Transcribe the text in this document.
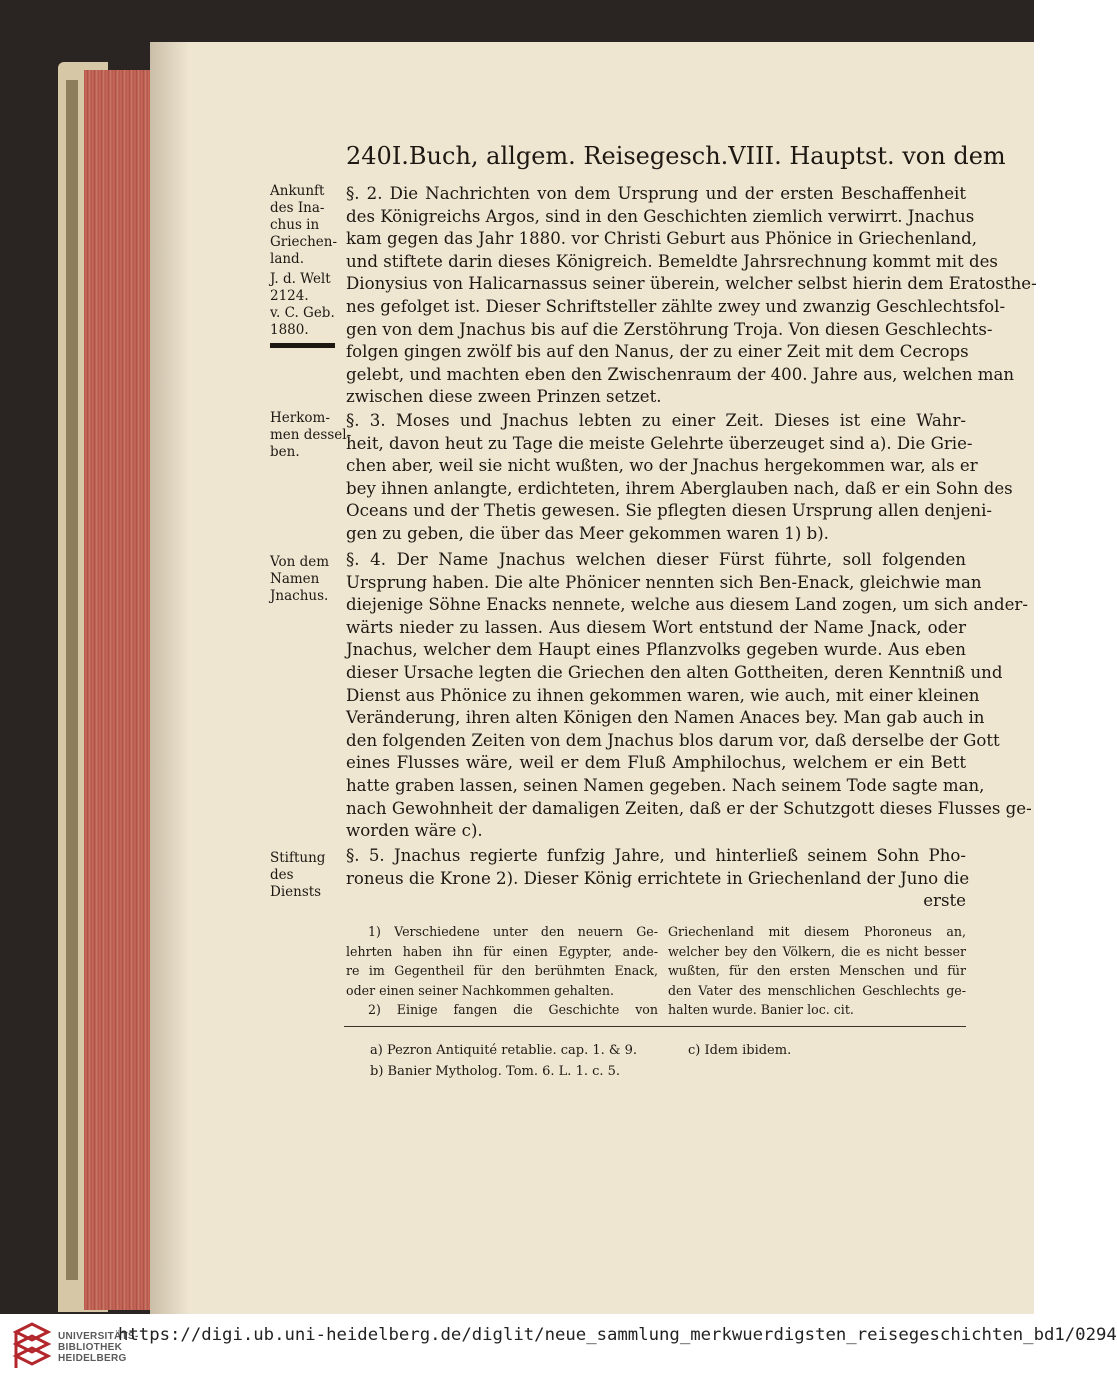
240 I.Buch, allgem. Reisegesch. VIII. Hauptst. von dem
Ankunft
des Ina-
chus in
Griechen-
land.
J. d. Welt
2124.
v. C. Geb.
1880.
§. 2. Die Nachrichten von dem Ursprung und der ersten Beschaffenheit
des Königreichs Argos, sind in den Geschichten ziemlich verwirrt. Jnachus
kam gegen das Jahr 1880. vor Christi Geburt aus Phönice in Griechenland,
und stiftete darin dieses Königreich. Bemeldte Jahrsrechnung kommt mit des
Dionysius von Halicarnassus seiner überein, welcher selbst hierin dem Eratosthe-
nes gefolget ist. Dieser Schriftsteller zählte zwey und zwanzig Geschlechtsfol-
gen von dem Jnachus bis auf die Zerstöhrung Troja. Von diesen Geschlechts-
folgen gingen zwölf bis auf den Nanus, der zu einer Zeit mit dem Cecrops
gelebt, und machten eben den Zwischenraum der 400. Jahre aus, welchen man
zwischen diese zween Prinzen setzet.
Herkom-
men dessel-
ben.
§. 3. Moses und Jnachus lebten zu einer Zeit. Dieses ist eine Wahr-
heit, davon heut zu Tage die meiste Gelehrte überzeuget sind a). Die Grie-
chen aber, weil sie nicht wußten, wo der Jnachus hergekommen war, als er
bey ihnen anlangte, erdichteten, ihrem Aberglauben nach, daß er ein Sohn des
Oceans und der Thetis gewesen. Sie pflegten diesen Ursprung allen denjeni-
gen zu geben, die über das Meer gekommen waren 1) b).
Von dem
Namen
Jnachus.
§. 4. Der Name Jnachus welchen dieser Fürst führte, soll folgenden
Ursprung haben. Die alte Phönicer nennten sich Ben-Enack, gleichwie man
diejenige Söhne Enacks nennete, welche aus diesem Land zogen, um sich ander-
wärts nieder zu lassen. Aus diesem Wort entstund der Name Jnack, oder
Jnachus, welcher dem Haupt eines Pflanzvolks gegeben wurde. Aus eben
dieser Ursache legten die Griechen den alten Gottheiten, deren Kenntniß und
Dienst aus Phönice zu ihnen gekommen waren, wie auch, mit einer kleinen
Veränderung, ihren alten Königen den Namen Anaces bey. Man gab auch in
den folgenden Zeiten von dem Jnachus blos darum vor, daß derselbe der Gott
eines Flusses wäre, weil er dem Fluß Amphilochus, welchem er ein Bett
hatte graben lassen, seinen Namen gegeben. Nach seinem Tode sagte man,
nach Gewohnheit der damaligen Zeiten, daß er der Schutzgott dieses Flusses ge-
worden wäre c).
Stiftung
des
Diensts
§. 5. Jnachus regierte funfzig Jahre, und hinterließ seinem Sohn Pho-
roneus die Krone 2). Dieser König errichtete in Griechenland der Juno die
erste
1) Verschiedene unter den neuern Ge-
lehrten haben ihn für einen Egypter, ande-
re im Gegentheil für den berühmten Enack,
oder einen seiner Nachkommen gehalten.
2) Einige fangen die Geschichte von
Griechenland mit diesem Phoroneus an,
welcher bey den Völkern, die es nicht besser
wußten, für den ersten Menschen und für
den Vater des menschlichen Geschlechts ge-
halten wurde. Banier loc. cit.
a) Pezron Antiquité retablie. cap. 1. & 9.	c) Idem ibidem.
b) Banier Mytholog. Tom. 6. L. 1. c. 5.
UNIVERSITÄTS-
BIBLIOTHEK
HEIDELBERG
https://digi.ub.uni-heidelberg.de/diglit/neue_sammlung_merkwuerdigsten_reisegeschichten_bd1/0294
